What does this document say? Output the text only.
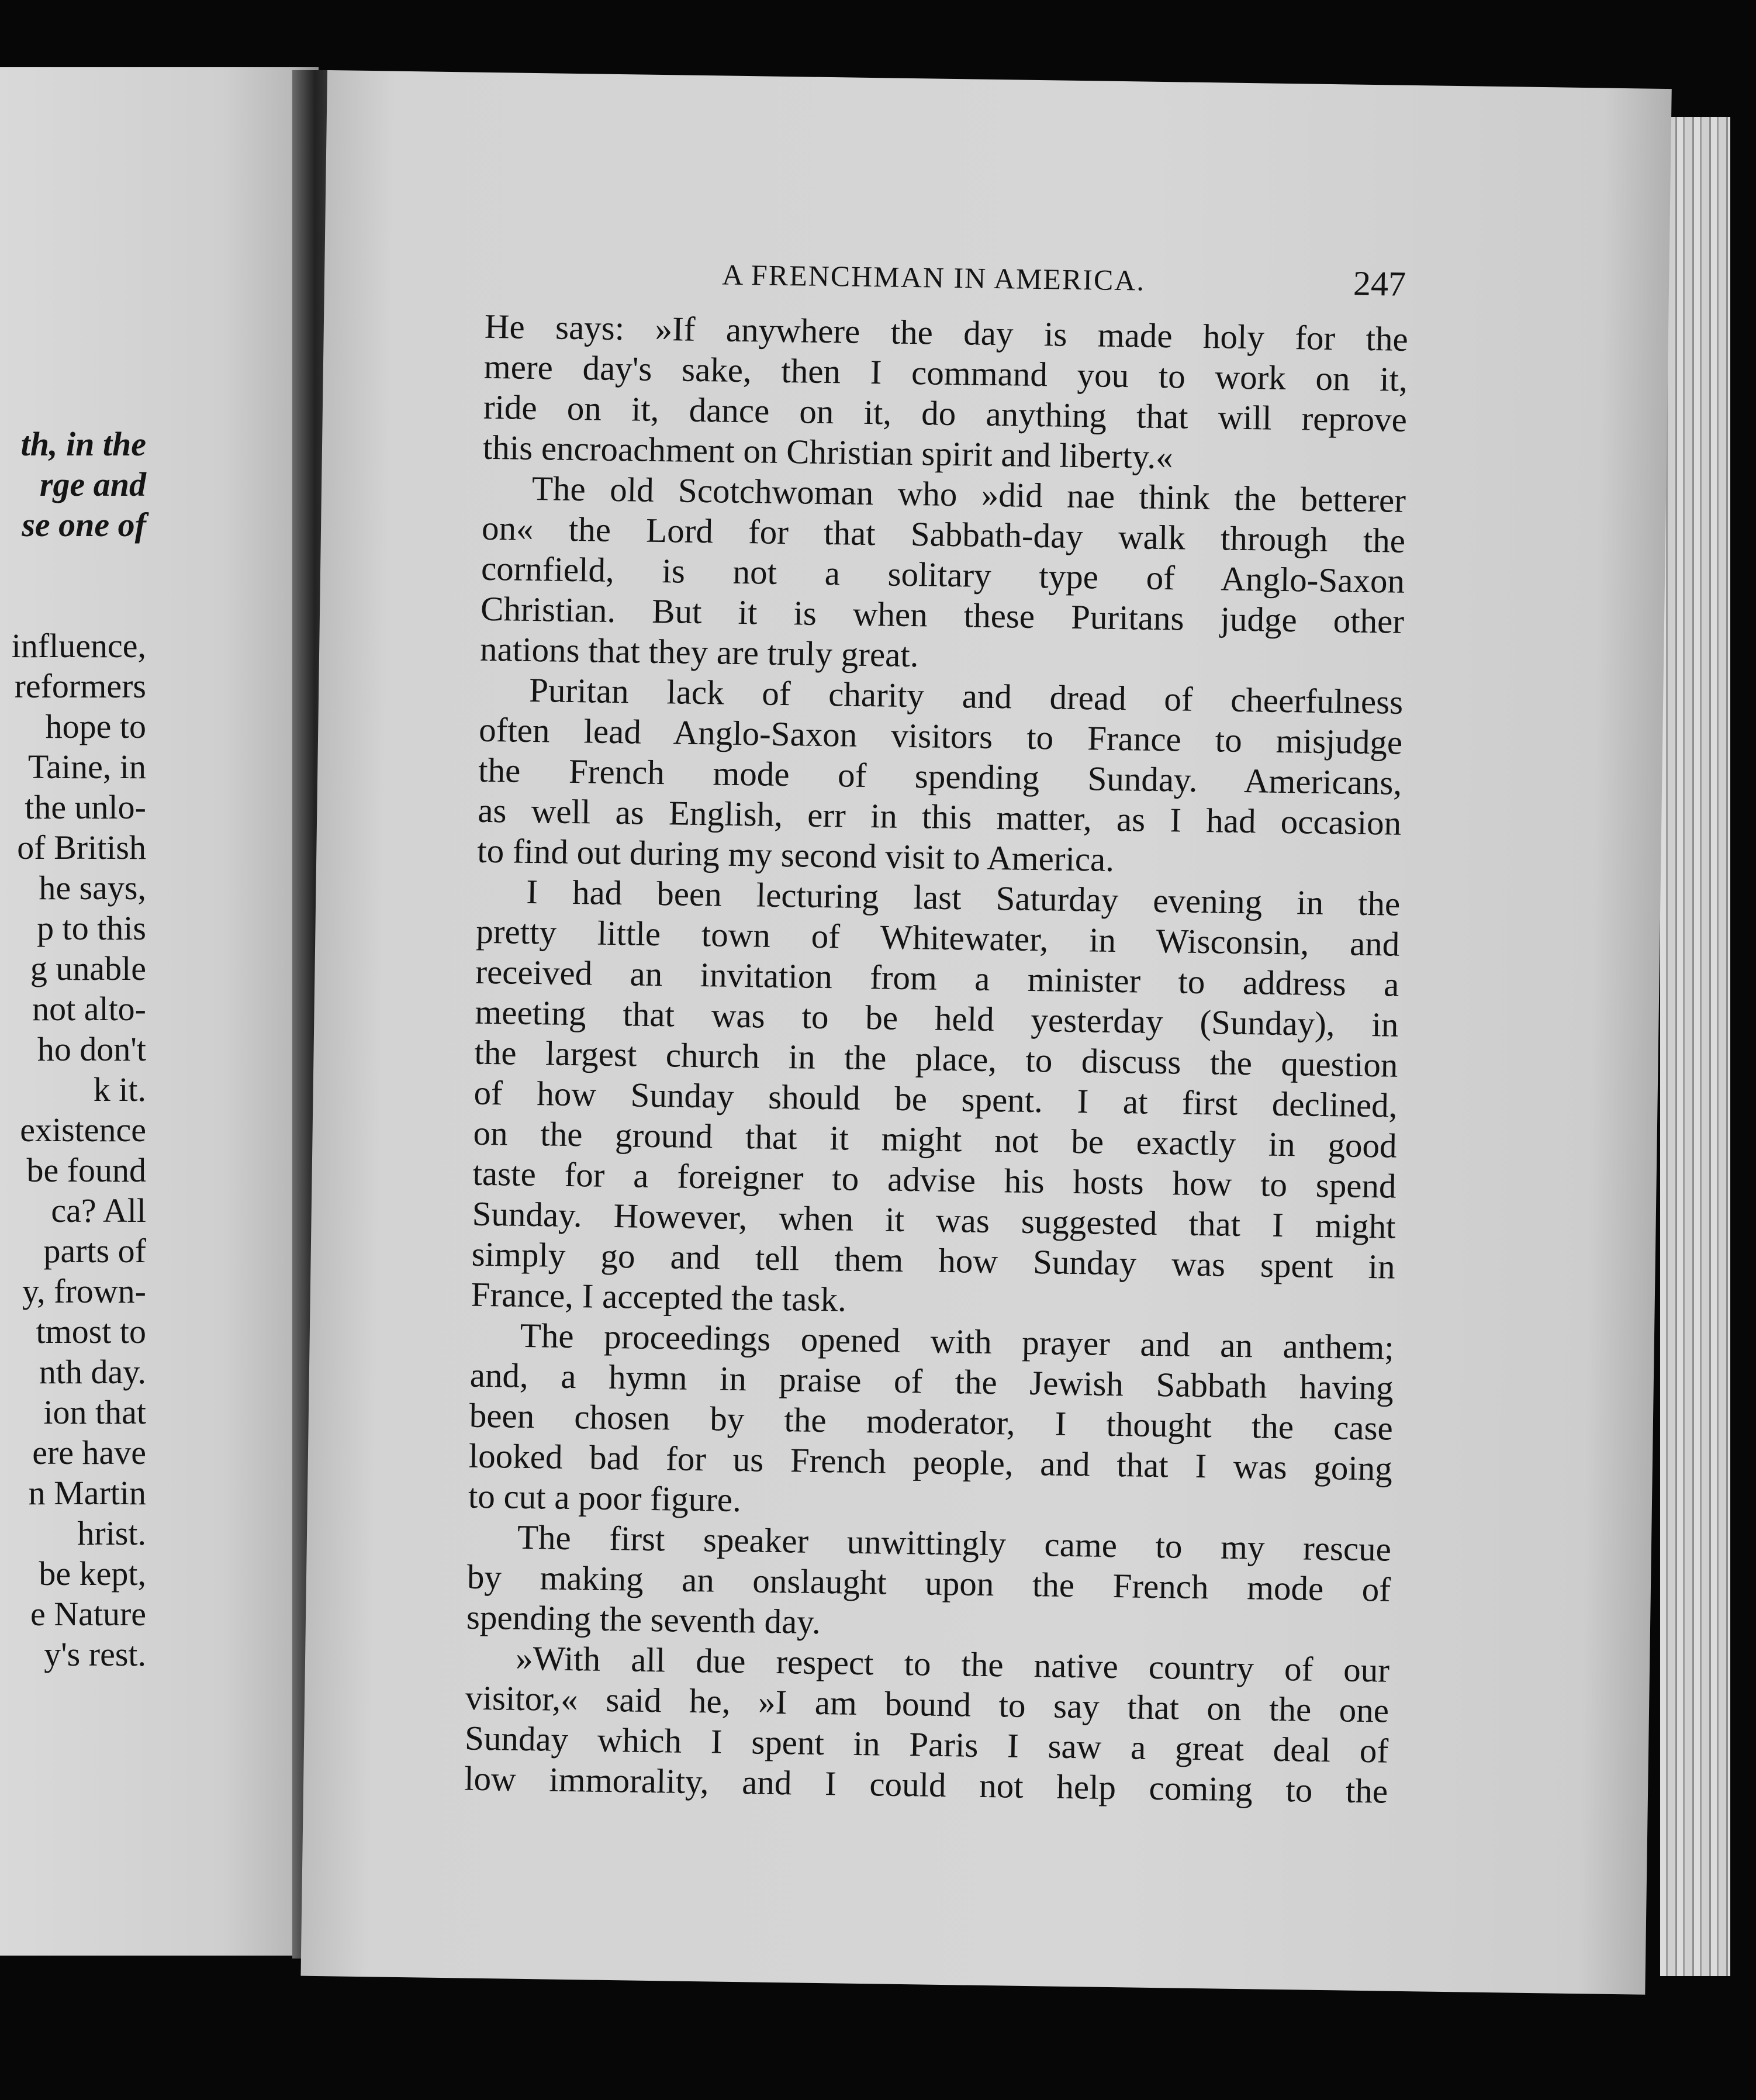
th, in the
rge and
se one of
influence,
reformers
hope to
Taine, in
the unlo-
of British
he says,
p to this
g unable
not alto-
ho don't
k it.
existence
be found
ca? All
parts of
y, frown-
tmost to
nth day.
ion that
ere have
n Martin
hrist.
be kept,
e Nature
y's rest.
A FRENCHMAN IN AMERICA.	247
He says: »If anywhere the day is made holy for the
mere day's sake, then I command you to work on it,
ride on it, dance on it, do anything that will reprove
this encroachment on Christian spirit and liberty.«
The old Scotchwoman who »did nae think the betterer
on« the Lord for that Sabbath-day walk through the
cornfield, is not a solitary type of Anglo-Saxon
Christian. But it is when these Puritans judge other
nations that they are truly great.
Puritan lack of charity and dread of cheerfulness
often lead Anglo-Saxon visitors to France to misjudge
the French mode of spending Sunday. Americans,
as well as English, err in this matter, as I had occasion
to find out during my second visit to America.
I had been lecturing last Saturday evening in the
pretty little town of Whitewater, in Wisconsin, and
received an invitation from a minister to address a
meeting that was to be held yesterday (Sunday), in
the largest church in the place, to discuss the question
of how Sunday should be spent. I at first declined,
on the ground that it might not be exactly in good
taste for a foreigner to advise his hosts how to spend
Sunday. However, when it was suggested that I might
simply go and tell them how Sunday was spent in
France, I accepted the task.
The proceedings opened with prayer and an anthem;
and, a hymn in praise of the Jewish Sabbath having
been chosen by the moderator, I thought the case
looked bad for us French people, and that I was going
to cut a poor figure.
The first speaker unwittingly came to my rescue
by making an onslaught upon the French mode of
spending the seventh day.
»With all due respect to the native country of our
visitor,« said he, »I am bound to say that on the one
Sunday which I spent in Paris I saw a great deal of
low immorality, and I could not help coming to the
